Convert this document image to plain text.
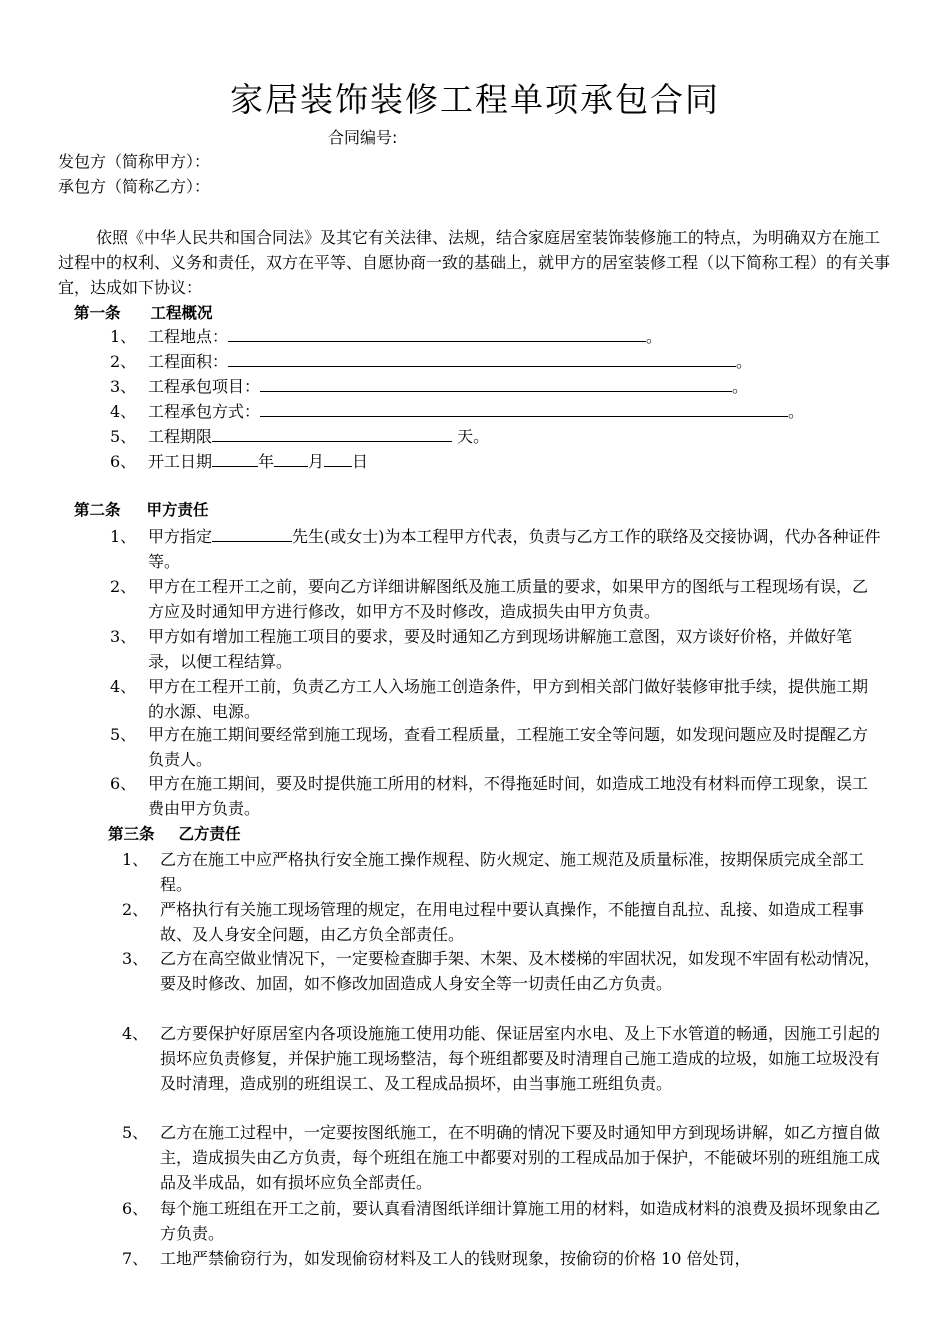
家居装饰装修工程单项承包合同
合同编号:
发包方（简称甲方）：
承包方（简称乙方）：
依照《中华人民共和国合同法》及其它有关法律、法规，结合家庭居室装饰装修施工的特点，为明确双方在施工过程中的权利、义务和责任，双方在平等、自愿协商一致的基础上，就甲方的居室装修工程（以下简称工程）的有关事宜，达成如下协议：
第一条 工程概况
1、 工程地点：	。
2、 工程面积：	。
3、 工程承包项目：	。
4、 工程承包方式：	。
5、 工程期限	天。
6、 开工日期	年 月 日
第二条 甲方责任
1、 甲方指定	先生(或女士)为本工程甲方代表，负责与乙方工作的联络及交接协调，代办各种证件等。
2、 甲方在工程开工之前，要向乙方详细讲解图纸及施工质量的要求，如果甲方的图纸与工程现场有误，乙方应及时通知甲方进行修改，如甲方不及时修改，造成损失由甲方负责。
3、 甲方如有增加工程施工项目的要求，要及时通知乙方到现场讲解施工意图，双方谈好价格，并做好笔录，以便工程结算。
4、 甲方在工程开工前，负责乙方工人入场施工创造条件，甲方到相关部门做好装修审批手续，提供施工期的水源、电源。
5、 甲方在施工期间要经常到施工现场，查看工程质量，工程施工安全等问题，如发现问题应及时提醒乙方负责人。
6、 甲方在施工期间，要及时提供施工所用的材料，不得拖延时间，如造成工地没有材料而停工现象，误工费由甲方负责。
第三条 乙方责任
1、 乙方在施工中应严格执行安全施工操作规程、防火规定、施工规范及质量标准，按期保质完成全部工程。
2、 严格执行有关施工现场管理的规定，在用电过程中要认真操作，不能擅自乱拉、乱接、如造成工程事故、及人身安全问题，由乙方负全部责任。
3、 乙方在高空做业情况下，一定要检查脚手架、木架、及木楼梯的牢固状况，如发现不牢固有松动情况，要及时修改、加固，如不修改加固造成人身安全等一切责任由乙方负责。
4、 乙方要保护好原居室内各项设施施工使用功能、保证居室内水电、及上下水管道的畅通，因施工引起的损坏应负责修复，并保护施工现场整洁，每个班组都要及时清理自己施工造成的垃圾，如施工垃圾没有及时清理，造成别的班组误工、及工程成品损坏，由当事施工班组负责。
5、 乙方在施工过程中，一定要按图纸施工，在不明确的情况下要及时通知甲方到现场讲解，如乙方擅自做主，造成损失由乙方负责，每个班组在施工中都要对别的工程成品加于保护，不能破坏别的班组施工成品及半成品，如有损坏应负全部责任。
6、 每个施工班组在开工之前，要认真看清图纸详细计算施工用的材料，如造成材料的浪费及损坏现象由乙方负责。
7、 工地严禁偷窃行为，如发现偷窃材料及工人的钱财现象，按偷窃的价格 10 倍处罚，
